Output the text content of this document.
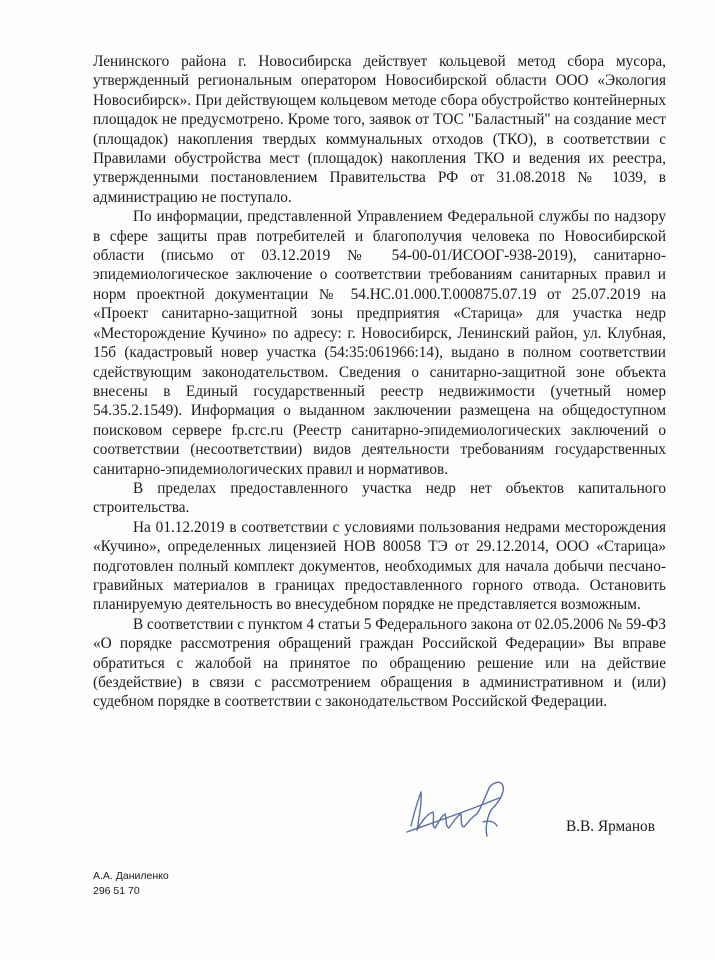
Ленинского района г. Новосибирска действует кольцевой метод сбора мусора, утвержденный региональным оператором Новосибирской области ООО «Экология Новосибирск». При действующем кольцевом методе сбора обустройство контейнерных площадок не предусмотрено. Кроме того, заявок от ТОС "Баластный" на создание мест (площадок) накопления твердых коммунальных отходов (ТКО), в соответствии с Правилами обустройства мест (площадок) накопления ТКО и ведения их реестра, утвержденными постановлением Правительства РФ от 31.08.2018 № 1039, в администрацию не поступало.

По информации, представленной Управлением Федеральной службы по надзору в сфере защиты прав потребителей и благополучия человека по Новосибирской области (письмо от 03.12.2019 № 54-00-01/ИСООГ-938-2019), санитарно-эпидемиологическое заключение о соответствии требованиям санитарных правил и норм проектной документации № 54.НС.01.000.Т.000875.07.19 от 25.07.2019 на «Проект санитарно-защитной зоны предприятия «Старица» для участка недр «Месторождение Кучино» по адресу: г. Новосибирск, Ленинский район, ул. Клубная, 15б (кадастровый новер участка (54:35:061966:14), выдано в полном соответствии сдействующим законодательством. Сведения о санитарно-защитной зоне объекта внесены в Единый государственный реестр недвижимости (учетный номер 54.35.2.1549). Информация о выданном заключении размещена на общедоступном поисковом сервере fp.crc.ru (Реестр санитарно-эпидемиологических заключений о соответствии (несоответствии) видов деятельности требованиям государственных санитарно-эпидемиологических правил и нормативов.

В пределах предоставленного участка недр нет объектов капитального строительства.

На 01.12.2019 в соответствии с условиями пользования недрами месторождения «Кучино», определенных лицензией НОВ 80058 ТЭ от 29.12.2014, ООО «Старица» подготовлен полный комплект документов, необходимых для начала добычи песчано-гравийных материалов в границах предоставленного горного отвода. Остановить планируемую деятельность во внесудебном порядке не представляется возможным.

В соответствии с пунктом 4 статьи 5 Федерального закона от 02.05.2006 № 59-ФЗ «О порядке рассмотрения обращений граждан Российской Федерации» Вы вправе обратиться с жалобой на принятое по обращению решение или на действие (бездействие) в связи с рассмотрением обращения в административном и (или) судебном порядке в соответствии с законодательством Российской Федерации.

В.В. Ярманов
А.А. Даниленко
296 51 70
